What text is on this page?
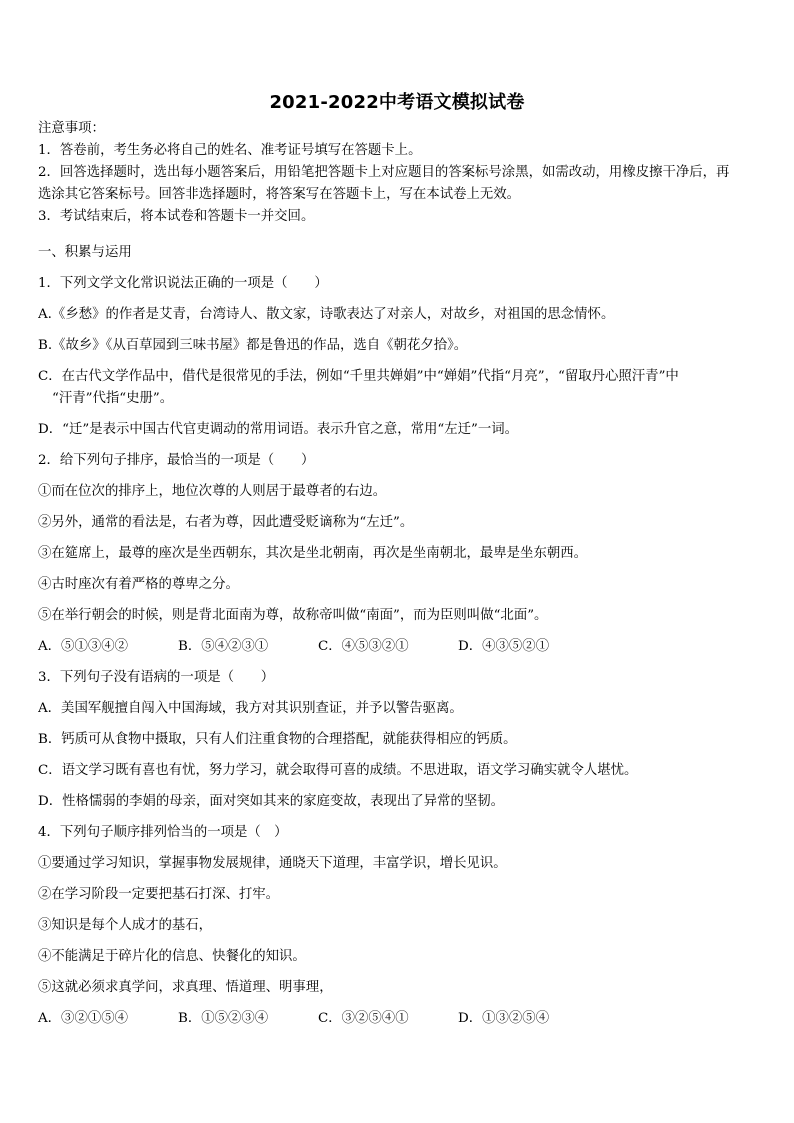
2021-2022中考语文模拟试卷
注意事项：
1．答卷前，考生务必将自己的姓名、准考证号填写在答题卡上。
2．回答选择题时，选出每小题答案后，用铅笔把答题卡上对应题目的答案标号涂黑，如需改动，用橡皮擦干净后，再
选涂其它答案标号。回答非选择题时，将答案写在答题卡上，写在本试卷上无效。
3．考试结束后，将本试卷和答题卡一并交回。
一、积累与运用
1．下列文学文化常识说法正确的一项是（　　）
A.《乡愁》的作者是艾青，台湾诗人、散文家，诗歌表达了对亲人，对故乡，对祖国的思念情怀。
B.《故乡》《从百草园到三味书屋》都是鲁迅的作品，选自《朝花夕拾》。
C．在古代文学作品中，借代是很常见的手法，例如“千里共婵娟”中“婵娟”代指“月亮”，“留取丹心照汗青”中
“汗青”代指“史册”。
D．“迁”是表示中国古代官吏调动的常用词语。表示升官之意，常用“左迁”一词。
2．给下列句子排序，最恰当的一项是（　　）
①而在位次的排序上，地位次尊的人则居于最尊者的右边。
②另外，通常的看法是，右者为尊，因此遭受贬谪称为“左迁”。
③在筵席上，最尊的座次是坐西朝东，其次是坐北朝南，再次是坐南朝北，最卑是坐东朝西。
④古时座次有着严格的尊卑之分。
⑤在举行朝会的时候，则是背北面南为尊，故称帝叫做“南面”，而为臣则叫做“北面”。
A．⑤①③④②	B．⑤④②③①	C．④⑤③②①	D．④③⑤②①
3．下列句子没有语病的一项是（　　）
A．美国军舰擅自闯入中国海域，我方对其识别查证，并予以警告驱离。
B．钙质可从食物中摄取，只有人们注重食物的合理搭配，就能获得相应的钙质。
C．语文学习既有喜也有忧，努力学习，就会取得可喜的成绩。不思进取，语文学习确实就令人堪忧。
D．性格懦弱的李娟的母亲，面对突如其来的家庭变故，表现出了异常的坚韧。
4．下列句子顺序排列恰当的一项是（　）
①要通过学习知识，掌握事物发展规律，通晓天下道理，丰富学识，增长见识。
②在学习阶段一定要把基石打深、打牢。
③知识是每个人成才的基石，
④不能满足于碎片化的信息、快餐化的知识。
⑤这就必须求真学问，求真理、悟道理、明事理，
A．③②①⑤④	B．①⑤②③④	C．③②⑤④①	D．①③②⑤④
